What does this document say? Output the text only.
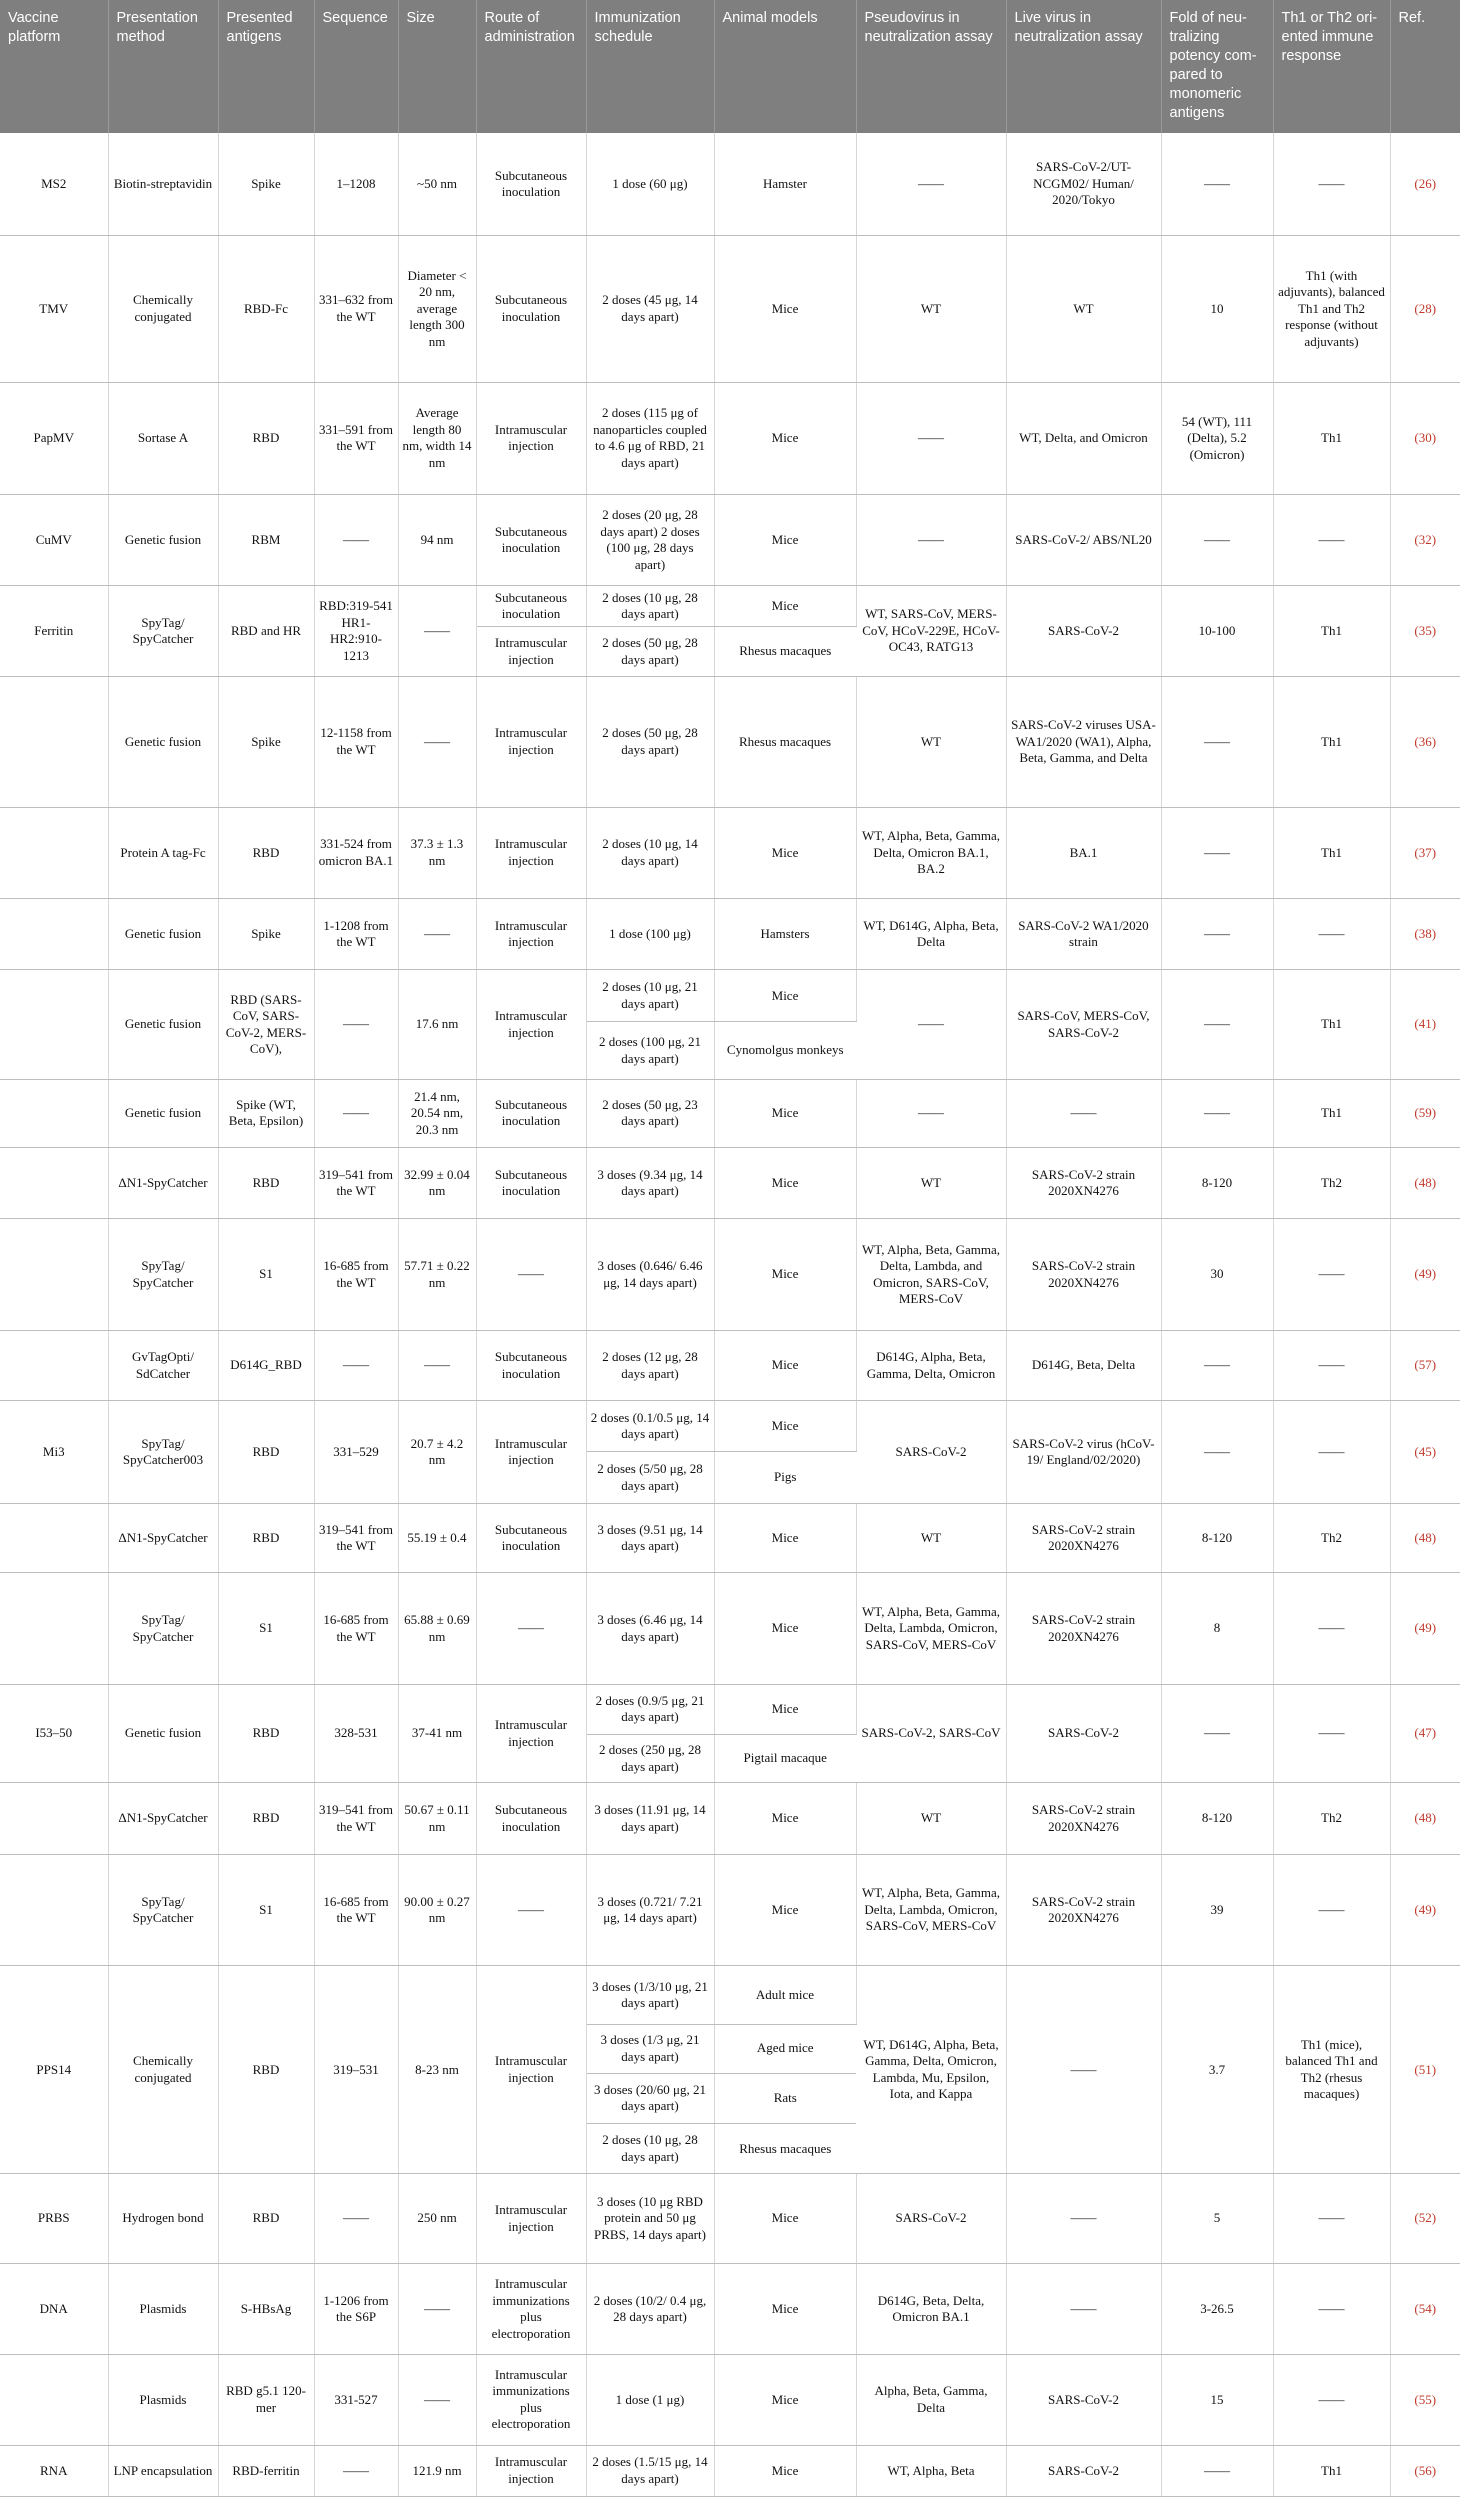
Vaccine platform	Presentation method	Presented antigens	Sequence	Size	Route of administration	Immunization schedule	Animal models	Pseudovirus in neutralization assay	Live virus in neutralization assay	Fold of neu-tralizing potency com-pared to monomeric antigens	Th1 or Th2 ori-ented immune response	Ref.
MS2	Biotin-streptavidin	Spike	1–1208	~50 nm	Subcutaneous inoculation	1 dose (60 μg)	Hamster	——	SARS-CoV-2/UT-NCGM02/ Human/ 2020/Tokyo	——	——	(26)
TMV	Chemically conjugated	RBD-Fc	331–632 from the WT	Diameter < 20 nm, average length 300 nm	Subcutaneous inoculation	2 doses (45 μg, 14 days apart)	Mice	WT	WT	10	Th1 (with adjuvants), balanced Th1 and Th2 response (without adjuvants)	(28)
PapMV	Sortase A	RBD	331–591 from the WT	Average length 80 nm, width 14 nm	Intramuscular injection	2 doses (115 μg of nanoparticles coupled to 4.6 μg of RBD, 21 days apart)	Mice	——	WT, Delta, and Omicron	54 (WT), 111 (Delta), 5.2 (Omicron)	Th1	(30)
CuMV	Genetic fusion	RBM	——	94 nm	Subcutaneous inoculation	2 doses (20 μg, 28 days apart) 2 doses (100 μg, 28 days apart)	Mice	——	SARS-CoV-2/ ABS/NL20	——	——	(32)
Ferritin	SpyTag/ SpyCatcher	RBD and HR	RBD:319-541 HR1-HR2:910-1213	——	Subcutaneous inoculation	2 doses (10 μg, 28 days apart)	Mice	WT, SARS-CoV, MERS-CoV, HCoV-229E, HCoV-OC43, RATG13	SARS-CoV-2	10-100	Th1	(35)
					Intramuscular injection	2 doses (50 μg, 28 days apart)	Rhesus macaques					
	Genetic fusion	Spike	12-1158 from the WT	——	Intramuscular injection	2 doses (50 μg, 28 days apart)	Rhesus macaques	WT	SARS-CoV-2 viruses USA-WA1/2020 (WA1), Alpha, Beta, Gamma, and Delta	——	Th1	(36)
	Protein A tag-Fc	RBD	331-524 from omicron BA.1	37.3 ± 1.3 nm	Intramuscular injection	2 doses (10 μg, 14 days apart)	Mice	WT, Alpha, Beta, Gamma, Delta, Omicron BA.1, BA.2	BA.1	——	Th1	(37)
	Genetic fusion	Spike	1-1208 from the WT	——	Intramuscular injection	1 dose (100 μg)	Hamsters	WT, D614G, Alpha, Beta, Delta	SARS-CoV-2 WA1/2020 strain	——	——	(38)
	Genetic fusion	RBD (SARS-CoV, SARS-CoV-2, MERS-CoV),	——	17.6 nm	Intramuscular injection	2 doses (10 μg, 21 days apart)	Mice	——	SARS-CoV, MERS-CoV, SARS-CoV-2	——	Th1	(41)
						2 doses (100 μg, 21 days apart)	Cynomolgus monkeys					
	Genetic fusion	Spike (WT, Beta, Epsilon)	——	21.4 nm, 20.54 nm, 20.3 nm	Subcutaneous inoculation	2 doses (50 μg, 23 days apart)	Mice	——	——	——	Th1	(59)
	ΔN1-SpyCatcher	RBD	319–541 from the WT	32.99 ± 0.04 nm	Subcutaneous inoculation	3 doses (9.34 μg, 14 days apart)	Mice	WT	SARS-CoV-2 strain 2020XN4276	8-120	Th2	(48)
	SpyTag/ SpyCatcher	S1	16-685 from the WT	57.71 ± 0.22 nm	——	3 doses (0.646/ 6.46 μg, 14 days apart)	Mice	WT, Alpha, Beta, Gamma, Delta, Lambda, and Omicron, SARS-CoV, MERS-CoV	SARS-CoV-2 strain 2020XN4276	30	——	(49)
	GvTagOpti/ SdCatcher	D614G_RBD	——	——	Subcutaneous inoculation	2 doses (12 μg, 28 days apart)	Mice	D614G, Alpha, Beta, Gamma, Delta, Omicron	D614G, Beta, Delta	——	——	(57)
Mi3	SpyTag/ SpyCatcher003	RBD	331–529	20.7 ± 4.2 nm	Intramuscular injection	2 doses (0.1/0.5 μg, 14 days apart)	Mice	SARS-CoV-2	SARS-CoV-2 virus (hCoV-19/ England/02/2020)	——	——	(45)
						2 doses (5/50 μg, 28 days apart)	Pigs					
	ΔN1-SpyCatcher	RBD	319–541 from the WT	55.19 ± 0.4	Subcutaneous inoculation	3 doses (9.51 μg, 14 days apart)	Mice	WT	SARS-CoV-2 strain 2020XN4276	8-120	Th2	(48)
	SpyTag/ SpyCatcher	S1	16-685 from the WT	65.88 ± 0.69 nm	——	3 doses (6.46 μg, 14 days apart)	Mice	WT, Alpha, Beta, Gamma, Delta, Lambda, Omicron, SARS-CoV, MERS-CoV	SARS-CoV-2 strain 2020XN4276	8	——	(49)
I53–50	Genetic fusion	RBD	328-531	37-41 nm	Intramuscular injection	2 doses (0.9/5 μg, 21 days apart)	Mice	SARS-CoV-2, SARS-CoV	SARS-CoV-2	——	——	(47)
						2 doses (250 μg, 28 days apart)	Pigtail macaque					
	ΔN1-SpyCatcher	RBD	319–541 from the WT	50.67 ± 0.11 nm	Subcutaneous inoculation	3 doses (11.91 μg, 14 days apart)	Mice	WT	SARS-CoV-2 strain 2020XN4276	8-120	Th2	(48)
	SpyTag/ SpyCatcher	S1	16-685 from the WT	90.00 ± 0.27 nm	——	3 doses (0.721/ 7.21 μg, 14 days apart)	Mice	WT, Alpha, Beta, Gamma, Delta, Lambda, Omicron, SARS-CoV, MERS-CoV	SARS-CoV-2 strain 2020XN4276	39	——	(49)
PPS14	Chemically conjugated	RBD	319–531	8-23 nm	Intramuscular injection	3 doses (1/3/10 μg, 21 days apart)	Adult mice	WT, D614G, Alpha, Beta, Gamma, Delta, Omicron, Lambda, Mu, Epsilon, Iota, and Kappa	——	3.7	Th1 (mice), balanced Th1 and Th2 (rhesus macaques)	(51)
						3 doses (1/3 μg, 21 days apart)	Aged mice					
						3 doses (20/60 μg, 21 days apart)	Rats					
						2 doses (10 μg, 28 days apart)	Rhesus macaques					
PRBS	Hydrogen bond	RBD	——	250 nm	Intramuscular injection	3 doses (10 μg RBD protein and 50 μg PRBS, 14 days apart)	Mice	SARS-CoV-2	——	5	——	(52)
DNA	Plasmids	S-HBsAg	1-1206 from the S6P	——	Intramuscular immunizations plus electroporation	2 doses (10/2/ 0.4 μg, 28 days apart)	Mice	D614G, Beta, Delta, Omicron BA.1	——	3-26.5	——	(54)
	Plasmids	RBD g5.1 120-mer	331-527	——	Intramuscular immunizations plus electroporation	1 dose (1 μg)	Mice	Alpha, Beta, Gamma, Delta	SARS-CoV-2	15	——	(55)
RNA	LNP encapsulation	RBD-ferritin	——	121.9 nm	Intramuscular injection	2 doses (1.5/15 μg, 14 days apart)	Mice	WT, Alpha, Beta	SARS-CoV-2	——	Th1	(56)
